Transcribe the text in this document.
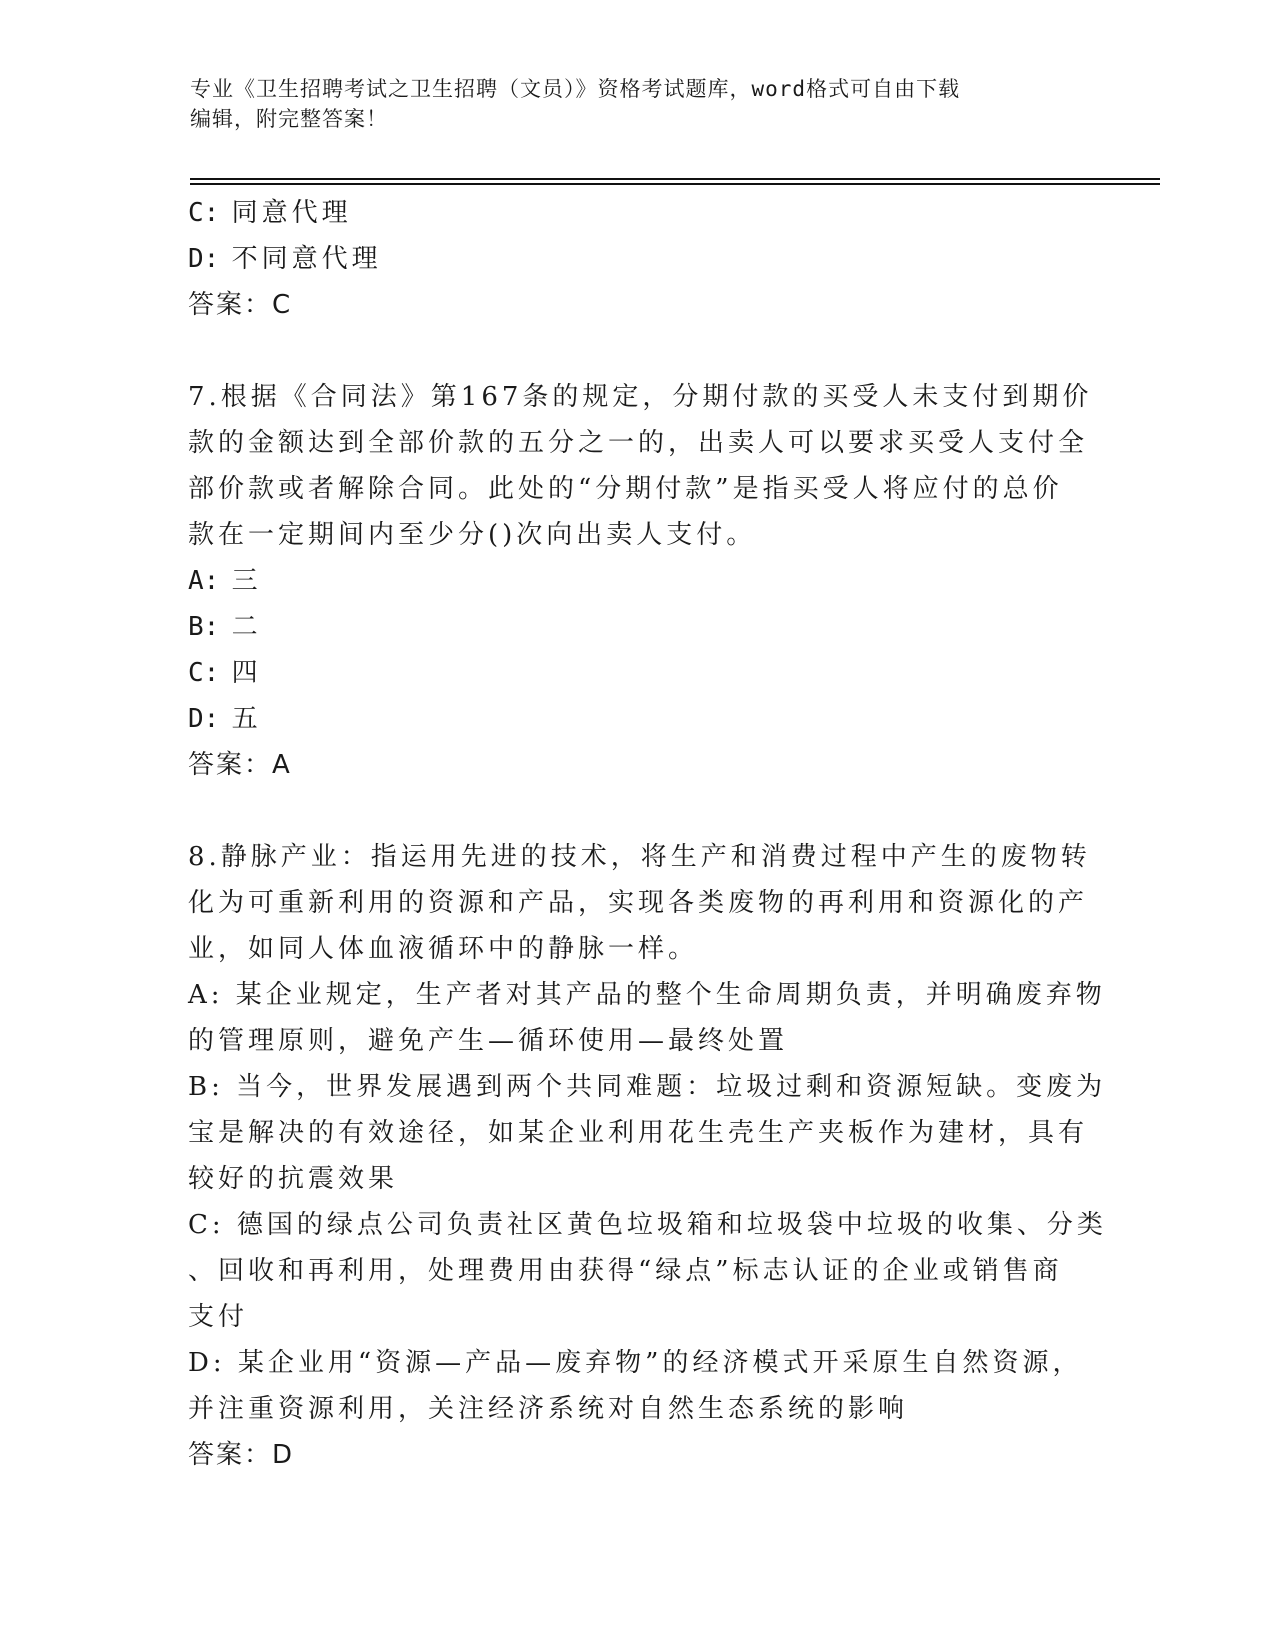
专业《卫生招聘考试之卫生招聘（文员）》资格考试题库，word格式可自由下载
编辑，附完整答案！
C: 同意代理
D: 不同意代理
答案：C
7.根据《合同法》第167条的规定，分期付款的买受人未支付到期价
款的金额达到全部价款的五分之一的，出卖人可以要求买受人支付全
部价款或者解除合同。此处的“分期付款”是指买受人将应付的总价
款在一定期间内至少分()次向出卖人支付。
A: 三
B: 二
C: 四
D: 五
答案：A
8.静脉产业：指运用先进的技术，将生产和消费过程中产生的废物转
化为可重新利用的资源和产品，实现各类废物的再利用和资源化的产
业，如同人体血液循环中的静脉一样。
A: 某企业规定，生产者对其产品的整个生命周期负责，并明确废弃物
的管理原则，避免产生—循环使用—最终处置
B: 当今，世界发展遇到两个共同难题：垃圾过剩和资源短缺。变废为
宝是解决的有效途径，如某企业利用花生壳生产夹板作为建材，具有
较好的抗震效果
C: 德国的绿点公司负责社区黄色垃圾箱和垃圾袋中垃圾的收集、分类
、回收和再利用，处理费用由获得“绿点”标志认证的企业或销售商
支付
D: 某企业用“资源—产品—废弃物”的经济模式开采原生自然资源，
并注重资源利用，关注经济系统对自然生态系统的影响
答案：D
